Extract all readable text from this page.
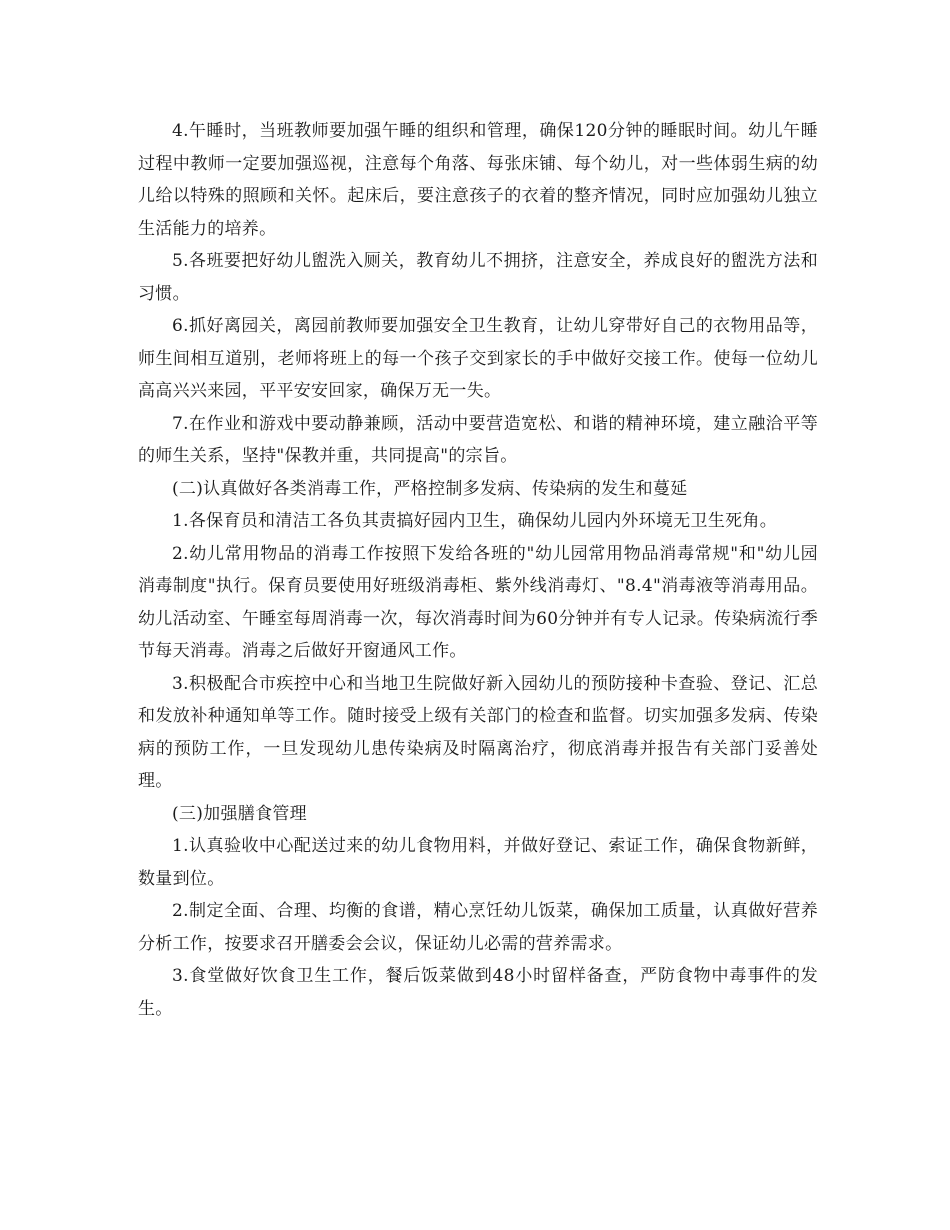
4.午睡时，当班教师要加强午睡的组织和管理，确保120分钟的睡眠时间。幼儿午睡过程中教师一定要加强巡视，注意每个角落、每张床铺、每个幼儿，对一些体弱生病的幼儿给以特殊的照顾和关怀。起床后，要注意孩子的衣着的整齐情况，同时应加强幼儿独立生活能力的培养。

5.各班要把好幼儿盥洗入厕关，教育幼儿不拥挤，注意安全，养成良好的盥洗方法和习惯。

6.抓好离园关，离园前教师要加强安全卫生教育，让幼儿穿带好自己的衣物用品等，师生间相互道别，老师将班上的每一个孩子交到家长的手中做好交接工作。使每一位幼儿高高兴兴来园，平平安安回家，确保万无一失。

7.在作业和游戏中要动静兼顾，活动中要营造宽松、和谐的精神环境，建立融洽平等的师生关系，坚持"保教并重，共同提高"的宗旨。

(二)认真做好各类消毒工作，严格控制多发病、传染病的发生和蔓延

1.各保育员和清洁工各负其责搞好园内卫生，确保幼儿园内外环境无卫生死角。

2.幼儿常用物品的消毒工作按照下发给各班的"幼儿园常用物品消毒常规"和"幼儿园消毒制度"执行。保育员要使用好班级消毒柜、紫外线消毒灯、"8.4"消毒液等消毒用品。幼儿活动室、午睡室每周消毒一次，每次消毒时间为60分钟并有专人记录。传染病流行季节每天消毒。消毒之后做好开窗通风工作。

3.积极配合市疾控中心和当地卫生院做好新入园幼儿的预防接种卡查验、登记、汇总和发放补种通知单等工作。随时接受上级有关部门的检查和监督。切实加强多发病、传染病的预防工作，一旦发现幼儿患传染病及时隔离治疗，彻底消毒并报告有关部门妥善处理。

(三)加强膳食管理

1.认真验收中心配送过来的幼儿食物用料，并做好登记、索证工作，确保食物新鲜，数量到位。

2.制定全面、合理、均衡的食谱，精心烹饪幼儿饭菜，确保加工质量，认真做好营养分析工作，按要求召开膳委会会议，保证幼儿必需的营养需求。

3.食堂做好饮食卫生工作，餐后饭菜做到48小时留样备查，严防食物中毒事件的发生。
